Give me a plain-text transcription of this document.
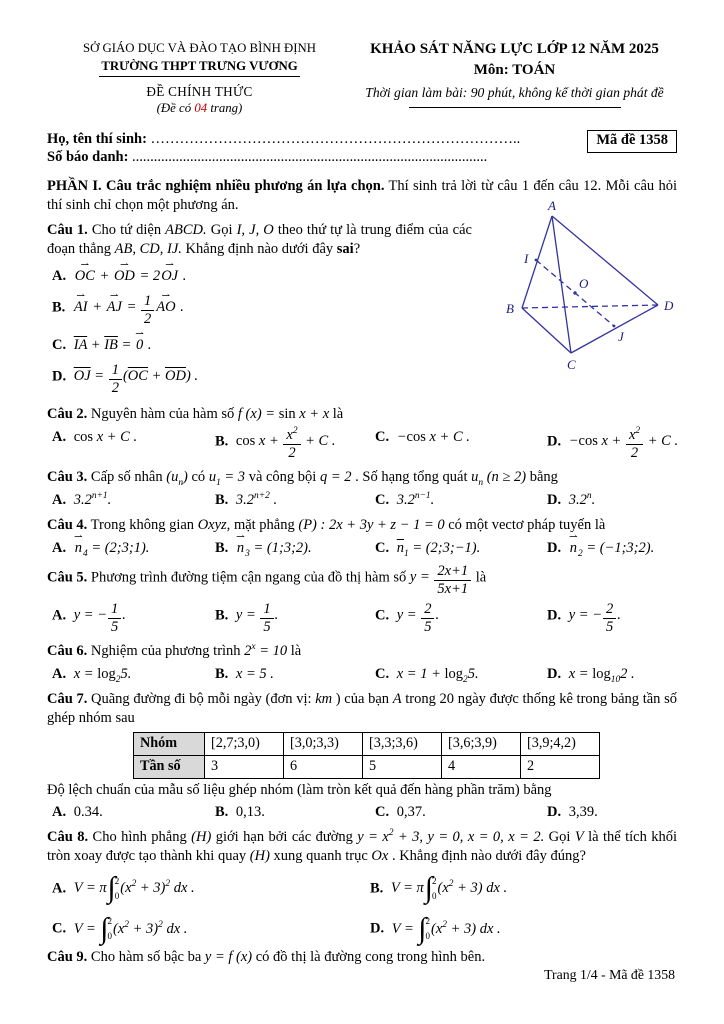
SỞ GIÁO DỤC VÀ ĐÀO TẠO BÌNH ĐỊNH
TRƯỜNG THPT TRƯNG VƯƠNG
ĐỀ CHÍNH THỨC
(Đề có 04 trang)
KHẢO SÁT NĂNG LỰC LỚP 12 NĂM 2025
Môn: TOÁN
Thời gian làm bài: 90 phút, không kể thời gian phát đề
Họ, tên thí sinh: …………………………………………………………………..
Số báo danh: ..................................................................................................
Mã đề 1358

PHẦN I. Câu trắc nghiệm nhiều phương án lựa chọn. Thí sinh trả lời từ câu 1 đến câu 12. Mỗi câu hỏi thí sinh chỉ chọn một phương án.

Câu 1. Cho tứ diện ABCD. Gọi I, J, O theo thứ tự là trung điểm của các đoạn thẳng AB, CD, IJ. Khẳng định nào dưới đây sai?

A. OC ⇀ + OD ⇀ = 2OJ ⇀ .
B. AI ⇀ + AJ ⇀ = $\frac{1}{2}$ AO ⇀ .
C. $\overline{IA} + \overline{IB} = 0$ ⇀ .
D. $\overline{OJ} = \frac{1}{2} (\overline{OC} + \overline{OD})$ .
A
B
C
D
I
J
O

Câu 2. Nguyên hàm của hàm số f (x) = sin x + x là

A. cos x + C .	B. $\cos x + \frac{x^2}{2} + C$ .	C. −cos x + C .	D. −cos $x + \frac{x^2}{2} + C$ .

Câu 3. Cấp số nhân $(u_n)$ có $u_1 = 3$ và công bội q = 2 . Số hạng tổng quát $u_n$ (n ≥ 2) bằng

A. $3.2^{n+1}$.	B. $3.2^{n+2}$ .	C. $3.2^{n-1}$.	D. 3.2$^n$.

Câu 4. Trong không gian Oxyz, mặt phẳng (P) : 2x + 3y + z − 1 = 0 có một vectơ pháp tuyến là

A. n $⇀_4$ = (2;3;1).	B. n $⇀_3$ = (1;3;2).	C. $\overline{n}_1$ = (2;3;−1).	D. n $⇀_2$ = (−1;3;2).

Câu 5. Phương trình đường tiệm cận ngang của đồ thị hàm số $y = \frac{2x+1}{5x+1}$ là

A. y = − $\frac{1}{5}$ .	B. $y = \frac{1}{5}$ .	C. $y = \frac{2}{5}$ .	D. y = − $\frac{2}{5}$ .

Câu 6. Nghiệm của phương trình $2^x = 10$ là

A. $x = \log_25$.	B. x = 5 .	C. $x = 1 + \log_25$.	D. $x = \log_{10}2$ .

Câu 7. Quãng đường đi bộ mỗi ngày (đơn vị: km ) của bạn A trong 20 ngày được thống kê trong bảng tần số ghép nhóm sau

Nhóm	[2,7;3,0)	[3,0;3,3)	[3,3;3,6)	[3,6;3,9)	[3,9;4,2)
Tần số	3	6	5	4	2

Độ lệch chuẩn của mẫu số liệu ghép nhóm (làm tròn kết quả đến hàng phần trăm) bằng

A. 0.34.	B. 0,13.	C. 0,37.	D. 3,39.

Câu 8. Cho hình phẳng (H) giới hạn bởi các đường $y = x^2 + 3$, y = 0, x = 0, x = 2. Gọi V là thể tích khối tròn xoay được tạo thành khi quay (H) xung quanh trục Ox . Khẳng định nào dưới đây đúng?

A. V = π ∫ 2
0 $(x^2 + 3)^2$ dx .	B. V = π ∫ 2
0 $(x^2 + 3)$ dx .
C. V = ∫ 2
0 $(x^2 + 3)^2$ dx .	D. V = ∫ 2
0 $(x^2 + 3)$ dx .

Câu 9. Cho hàm số bậc ba y = f (x) có đồ thị là đường cong trong hình bên.

Trang 1/4 - Mã đề 1358
